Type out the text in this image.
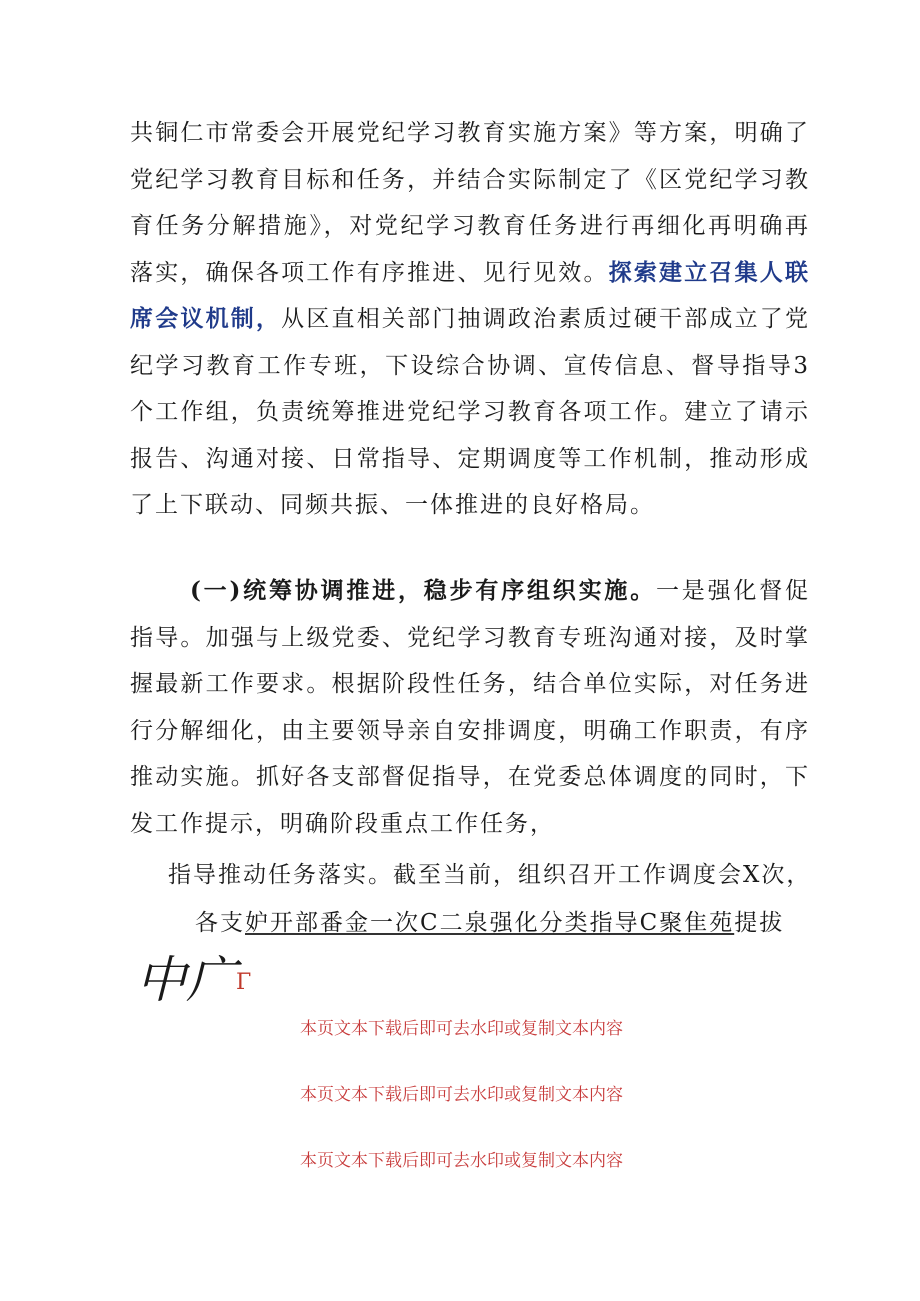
共铜仁市常委会开展党纪学习教育实施方案》等方案，明确了党纪学习教育目标和任务，并结合实际制定了《区党纪学习教育任务分解措施》，对党纪学习教育任务进行再细化再明确再落实，确保各项工作有序推进、见行见效。探索建立召集人联席会议机制，从区直相关部门抽调政治素质过硬干部成立了党纪学习教育工作专班，下设综合协调、宣传信息、督导指导3个工作组，负责统筹推进党纪学习教育各项工作。建立了请示报告、沟通对接、日常指导、定期调度等工作机制，推动形成了上下联动、同频共振、一体推进的良好格局。

(一)统筹协调推进，稳步有序组织实施。一是强化督促指导。加强与上级党委、党纪学习教育专班沟通对接，及时掌握最新工作要求。根据阶段性任务，结合单位实际，对任务进行分解细化，由主要领导亲自安排调度，明确工作职责，有序推动实施。抓好各支部督促指导，在党委总体调度的同时，下发工作提示，明确阶段重点工作任务，

指导推动任务落实。截至当前，组织召开工作调度会X次，

各支妒开部番金一次C二泉强化分类指导C聚隹苑提拔

中广 Γ

本页文本下载后即可去水印或复制文本内容

本页文本下载后即可去水印或复制文本内容

本页文本下载后即可去水印或复制文本内容
